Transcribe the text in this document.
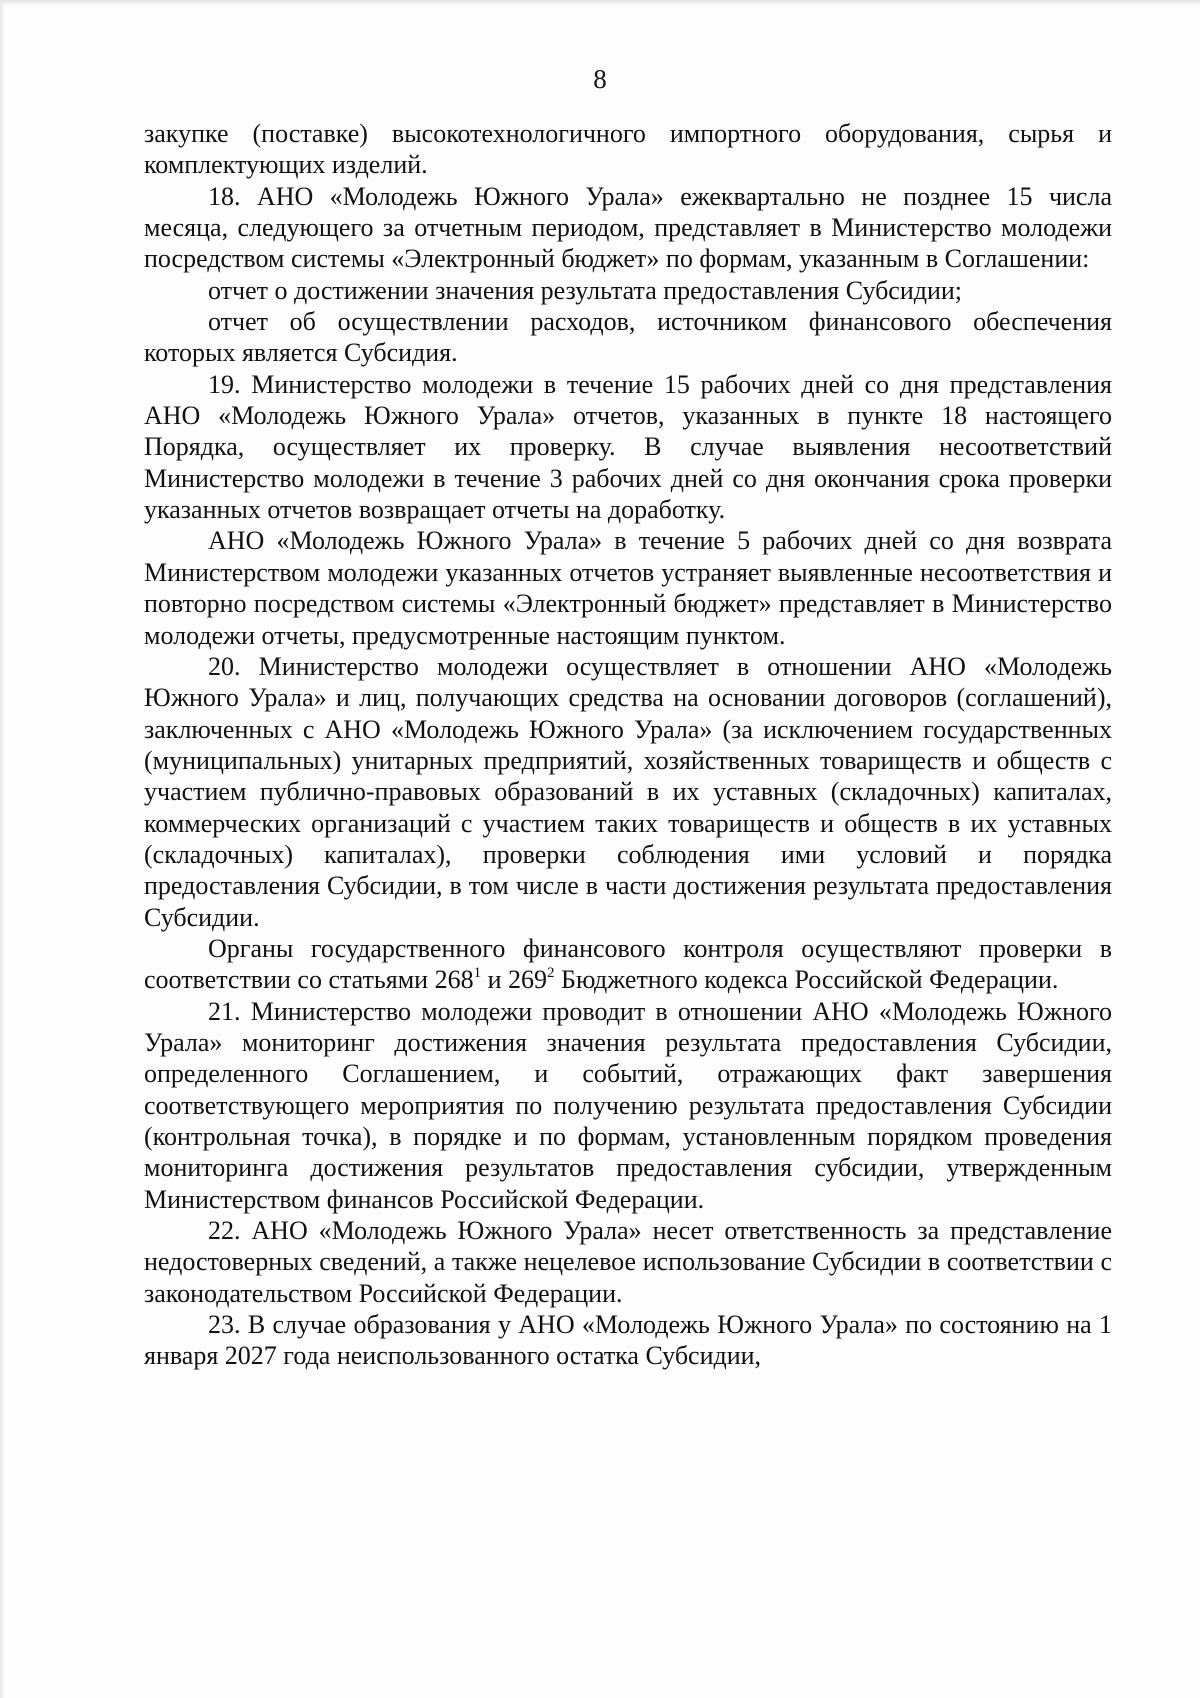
8

закупке (поставке) высокотехнологичного импортного оборудования, сырья и комплектующих изделий.

18. АНО «Молодежь Южного Урала» ежеквартально не позднее 15 числа месяца, следующего за отчетным периодом, представляет в Министерство молодежи посредством системы «Электронный бюджет» по формам, указанным в Соглашении:

отчет о достижении значения результата предоставления Субсидии;

отчет об осуществлении расходов, источником финансового обеспечения которых является Субсидия.

19. Министерство молодежи в течение 15 рабочих дней со дня представления АНО «Молодежь Южного Урала» отчетов, указанных в пункте 18 настоящего Порядка, осуществляет их проверку. В случае выявления несоответствий Министерство молодежи в течение 3 рабочих дней со дня окончания срока проверки указанных отчетов возвращает отчеты на доработку.

АНО «Молодежь Южного Урала» в течение 5 рабочих дней со дня возврата Министерством молодежи указанных отчетов устраняет выявленные несоответствия и повторно посредством системы «Электронный бюджет» представляет в Министерство молодежи отчеты, предусмотренные настоящим пунктом.

20. Министерство молодежи осуществляет в отношении АНО «Молодежь Южного Урала» и лиц, получающих средства на основании договоров (соглашений), заключенных с АНО «Молодежь Южного Урала» (за исключением государственных (муниципальных) унитарных предприятий, хозяйственных товариществ и обществ с участием публично-правовых образований в их уставных (складочных) капиталах, коммерческих организаций с участием таких товариществ и обществ в их уставных (складочных) капиталах), проверки соблюдения ими условий и порядка предоставления Субсидии, в том числе в части достижения результата предоставления Субсидии.

Органы государственного финансового контроля осуществляют проверки в соответствии со статьями $268^1$ и $269^2$ Бюджетного кодекса Российской Федерации.

21. Министерство молодежи проводит в отношении АНО «Молодежь Южного Урала» мониторинг достижения значения результата предоставления Субсидии, определенного Соглашением, и событий, отражающих факт завершения соответствующего мероприятия по получению результата предоставления Субсидии (контрольная точка), в порядке и по формам, установленным порядком проведения мониторинга достижения результатов предоставления субсидии, утвержденным Министерством финансов Российской Федерации.

22. АНО «Молодежь Южного Урала» несет ответственность за представление недостоверных сведений, а также нецелевое использование Субсидии в соответствии с законодательством Российской Федерации.

23. В случае образования у АНО «Молодежь Южного Урала» по состоянию на 1 января 2027 года неиспользованного остатка Субсидии,
